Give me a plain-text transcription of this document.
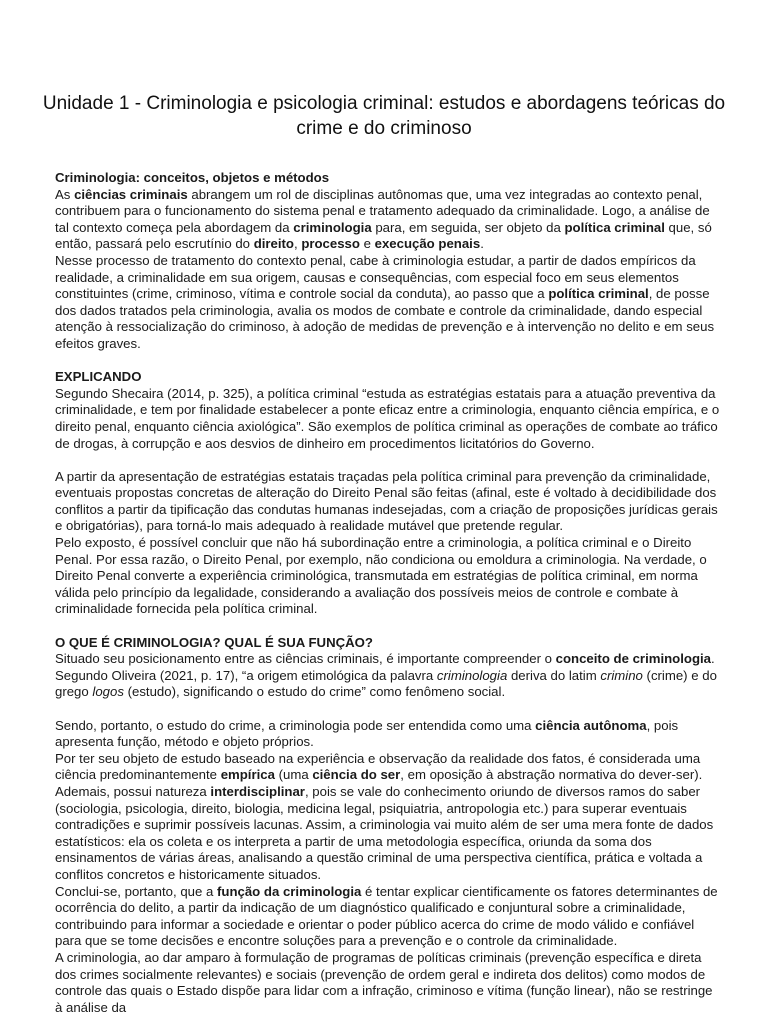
Unidade 1 - Criminologia e psicologia criminal: estudos e abordagens teóricas do
crime e do criminoso

Criminologia: conceitos, objetos e métodos

As ciências criminais abrangem um rol de disciplinas autônomas que, uma vez integradas ao contexto penal, contribuem para o funcionamento do sistema penal e tratamento adequado da criminalidade. Logo, a análise de tal contexto começa pela abordagem da criminologia para, em seguida, ser objeto da política criminal que, só então, passará pelo escrutínio do direito, processo e execução penais.

Nesse processo de tratamento do contexto penal, cabe à criminologia estudar, a partir de dados empíricos da realidade, a criminalidade em sua origem, causas e consequências, com especial foco em seus elementos constituintes (crime, criminoso, vítima e controle social da conduta), ao passo que a política criminal, de posse dos dados tratados pela criminologia, avalia os modos de combate e controle da criminalidade, dando especial atenção à ressocialização do criminoso, à adoção de medidas de prevenção e à intervenção no delito e em seus efeitos graves.

EXPLICANDO

Segundo Shecaira (2014, p. 325), a política criminal “estuda as estratégias estatais para a atuação preventiva da criminalidade, e tem por finalidade estabelecer a ponte eficaz entre a criminologia, enquanto ciência empírica, e o direito penal, enquanto ciência axiológica”. São exemplos de política criminal as operações de combate ao tráfico de drogas, à corrupção e aos desvios de dinheiro em procedimentos licitatórios do Governo.

A partir da apresentação de estratégias estatais traçadas pela política criminal para prevenção da criminalidade, eventuais propostas concretas de alteração do Direito Penal são feitas (afinal, este é voltado à decidibilidade dos conflitos a partir da tipificação das condutas humanas indesejadas, com a criação de proposições jurídicas gerais e obrigatórias), para torná-lo mais adequado à realidade mutável que pretende regular.

Pelo exposto, é possível concluir que não há subordinação entre a criminologia, a política criminal e o Direito Penal. Por essa razão, o Direito Penal, por exemplo, não condiciona ou emoldura a criminologia. Na verdade, o Direito Penal converte a experiência criminológica, transmutada em estratégias de política criminal, em norma válida pelo princípio da legalidade, considerando a avaliação dos possíveis meios de controle e combate à criminalidade fornecida pela política criminal.

O QUE É CRIMINOLOGIA? QUAL É SUA FUNÇÃO?

Situado seu posicionamento entre as ciências criminais, é importante compreender o conceito de criminologia.

Segundo Oliveira (2021, p. 17), “a origem etimológica da palavra criminologia deriva do latim crimino (crime) e do grego logos (estudo), significando o estudo do crime” como fenômeno social.

Sendo, portanto, o estudo do crime, a criminologia pode ser entendida como uma ciência autônoma, pois apresenta função, método e objeto próprios.

Por ter seu objeto de estudo baseado na experiência e observação da realidade dos fatos, é considerada uma ciência predominantemente empírica (uma ciência do ser, em oposição à abstração normativa do dever-ser). Ademais, possui natureza interdisciplinar, pois se vale do conhecimento oriundo de diversos ramos do saber (sociologia, psicologia, direito, biologia, medicina legal, psiquiatria, antropologia etc.) para superar eventuais contradições e suprimir possíveis lacunas. Assim, a criminologia vai muito além de ser uma mera fonte de dados estatísticos: ela os coleta e os interpreta a partir de uma metodologia específica, oriunda da soma dos ensinamentos de várias áreas, analisando a questão criminal de uma perspectiva científica, prática e voltada a conflitos concretos e historicamente situados.

Conclui-se, portanto, que a função da criminologia é tentar explicar cientificamente os fatores determinantes de ocorrência do delito, a partir da indicação de um diagnóstico qualificado e conjuntural sobre a criminalidade, contribuindo para informar a sociedade e orientar o poder público acerca do crime de modo válido e confiável para que se tome decisões e encontre soluções para a prevenção e o controle da criminalidade.

A criminologia, ao dar amparo à formulação de programas de políticas criminais (prevenção específica e direta dos crimes socialmente relevantes) e sociais (prevenção de ordem geral e indireta dos delitos) como modos de controle das quais o Estado dispõe para lidar com a infração, criminoso e vítima (função linear), não se restringe à análise da
